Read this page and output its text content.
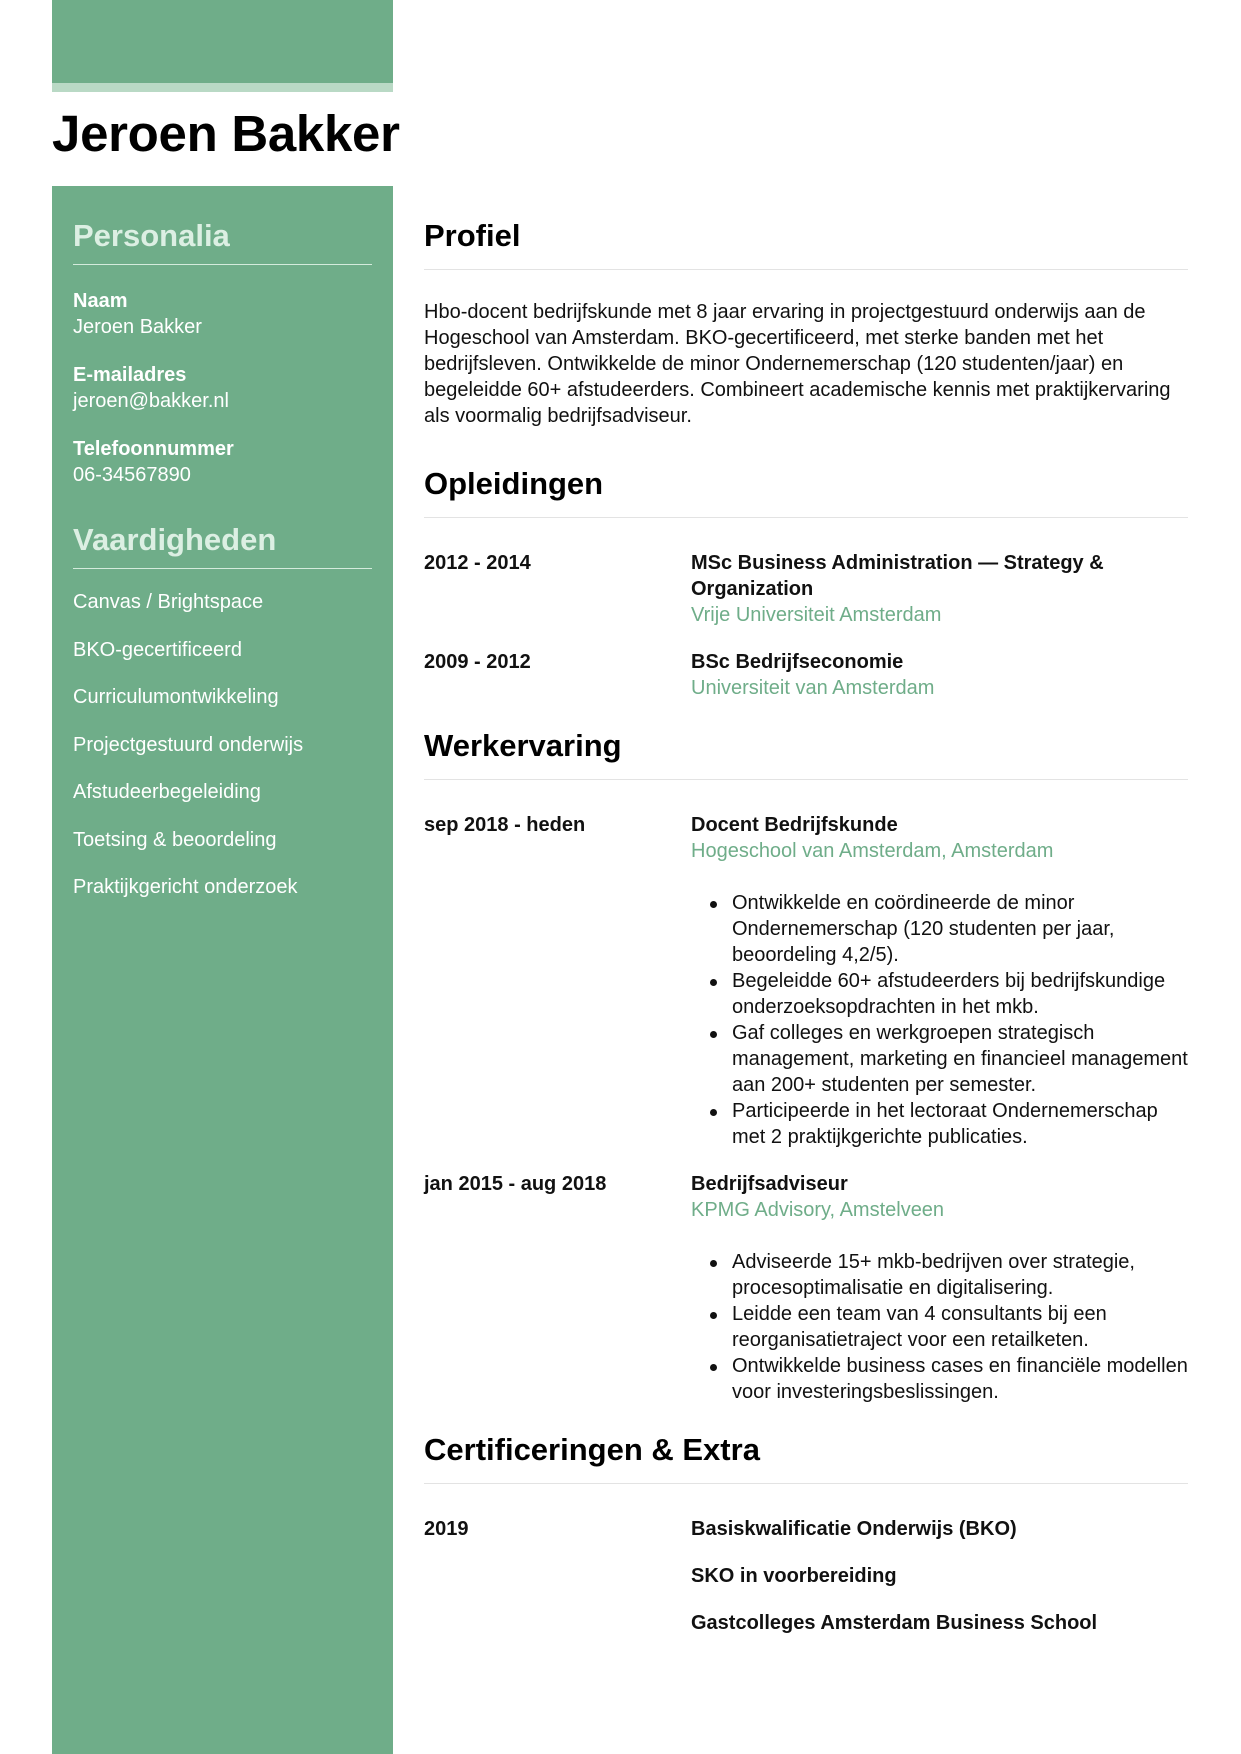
Jeroen Bakker
Personalia
Naam
Jeroen Bakker
E-mailadres
jeroen@bakker.nl
Telefoonnummer
06-34567890
Vaardigheden
Canvas / Brightspace
BKO-gecertificeerd
Curriculumontwikkeling
Projectgestuurd onderwijs
Afstudeerbegeleiding
Toetsing & beoordeling
Praktijkgericht onderzoek
Profiel

Hbo-docent bedrijfskunde met 8 jaar ervaring in projectgestuurd onderwijs aan de Hogeschool van Amsterdam. BKO-gecertificeerd, met sterke banden met het bedrijfsleven. Ontwikkelde de minor Ondernemerschap (120 studenten/jaar) en begeleidde 60+ afstudeerders. Combineert academische kennis met praktijkervaring als voormalig bedrijfsadviseur.

Opleidingen
2012 - 2014	MSc Business Administration — Strategy & Organization
Vrije Universiteit Amsterdam
2009 - 2012	BSc Bedrijfseconomie
Universiteit van Amsterdam
Werkervaring
sep 2018 - heden	Docent Bedrijfskunde
Hogeschool van Amsterdam, Amsterdam
Ontwikkelde en coördineerde de minor Ondernemerschap (120 studenten per jaar, beoordeling 4,2/5).
Begeleidde 60+ afstudeerders bij bedrijfskundige onderzoeksopdrachten in het mkb.
Gaf colleges en werkgroepen strategisch management, marketing en financieel management aan 200+ studenten per semester.
Participeerde in het lectoraat Ondernemerschap met 2 praktijkgerichte publicaties.
jan 2015 - aug 2018	Bedrijfsadviseur
KPMG Advisory, Amstelveen
Adviseerde 15+ mkb-bedrijven over strategie, procesoptimalisatie en digitalisering.
Leidde een team van 4 consultants bij een reorganisatietraject voor een retailketen.
Ontwikkelde business cases en financiële modellen voor investeringsbeslissingen.
Certificeringen & Extra
2019	Basiskwalificatie Onderwijs (BKO)
SKO in voorbereiding
Gastcolleges Amsterdam Business School
